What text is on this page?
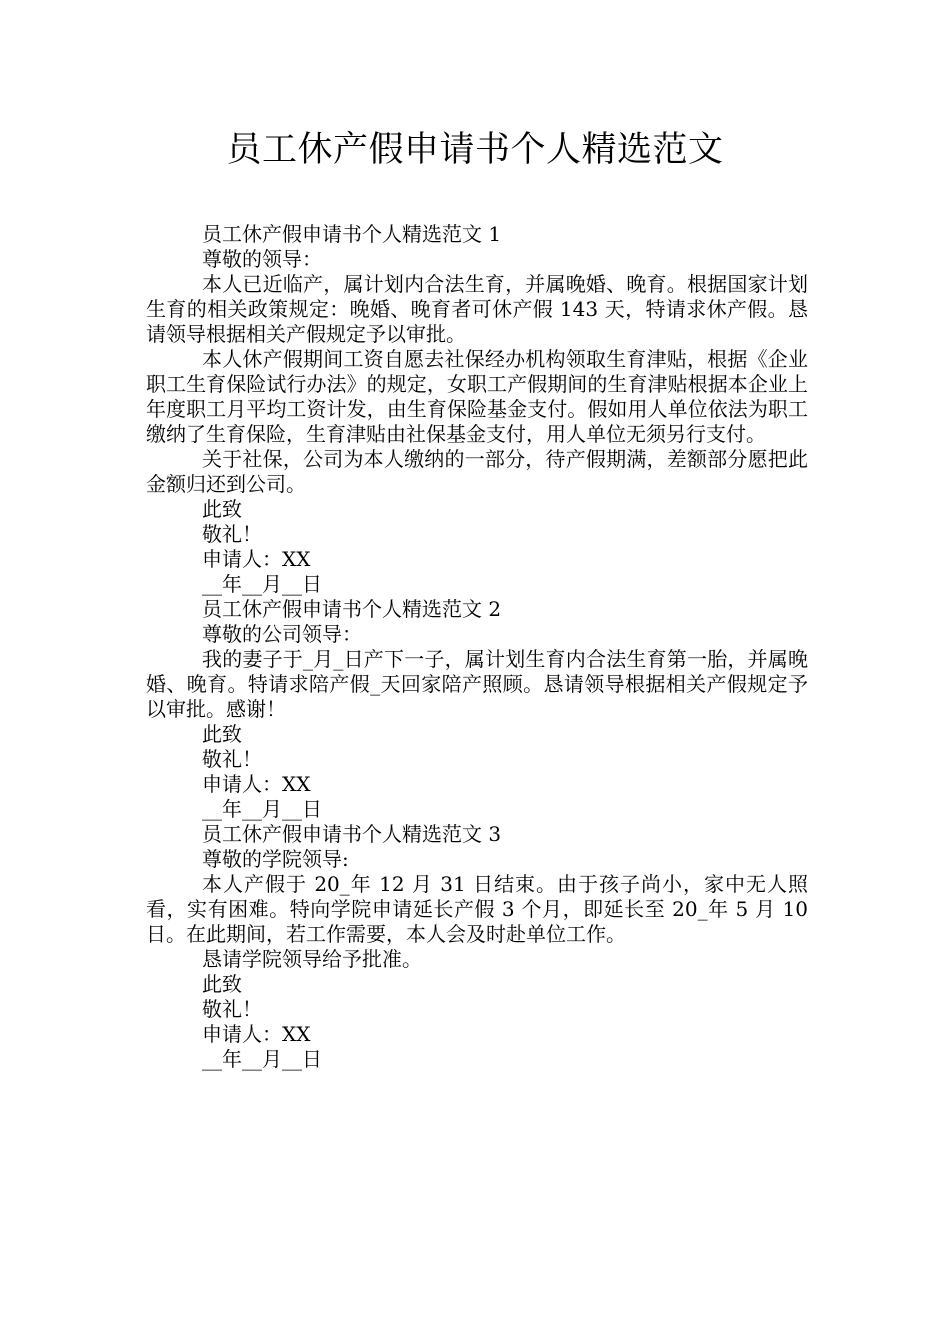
员工休产假申请书个人精选范文

员工休产假申请书个人精选范文 1

尊敬的领导：

本人已近临产，属计划内合法生育，并属晚婚、晚育。根据国家计划生育的相关政策规定：晚婚、晚育者可休产假 143 天，特请求休产假。恳请领导根据相关产假规定予以审批。

本人休产假期间工资自愿去社保经办机构领取生育津贴，根据《企业职工生育保险试行办法》的规定，女职工产假期间的生育津贴根据本企业上年度职工月平均工资计发，由生育保险基金支付。假如用人单位依法为职工缴纳了生育保险，生育津贴由社保基金支付，用人单位无须另行支付。

关于社保，公司为本人缴纳的一部分，待产假期满，差额部分愿把此金额归还到公司。

此致

敬礼！

申请人：XX

__年__月__日

员工休产假申请书个人精选范文 2

尊敬的公司领导：

我的妻子于_月_日产下一子，属计划生育内合法生育第一胎，并属晚婚、晚育。特请求陪产假_天回家陪产照顾。恳请领导根据相关产假规定予以审批。感谢！

此致

敬礼！

申请人：XX

__年__月__日

员工休产假申请书个人精选范文 3

尊敬的学院领导:

本人产假于 20_年 12 月 31 日结束。由于孩子尚小，家中无人照看，实有困难。特向学院申请延长产假 3 个月，即延长至 20_年 5 月 10 日。在此期间，若工作需要，本人会及时赴单位工作。

恳请学院领导给予批准。

此致

敬礼！

申请人：XX

__年__月__日
